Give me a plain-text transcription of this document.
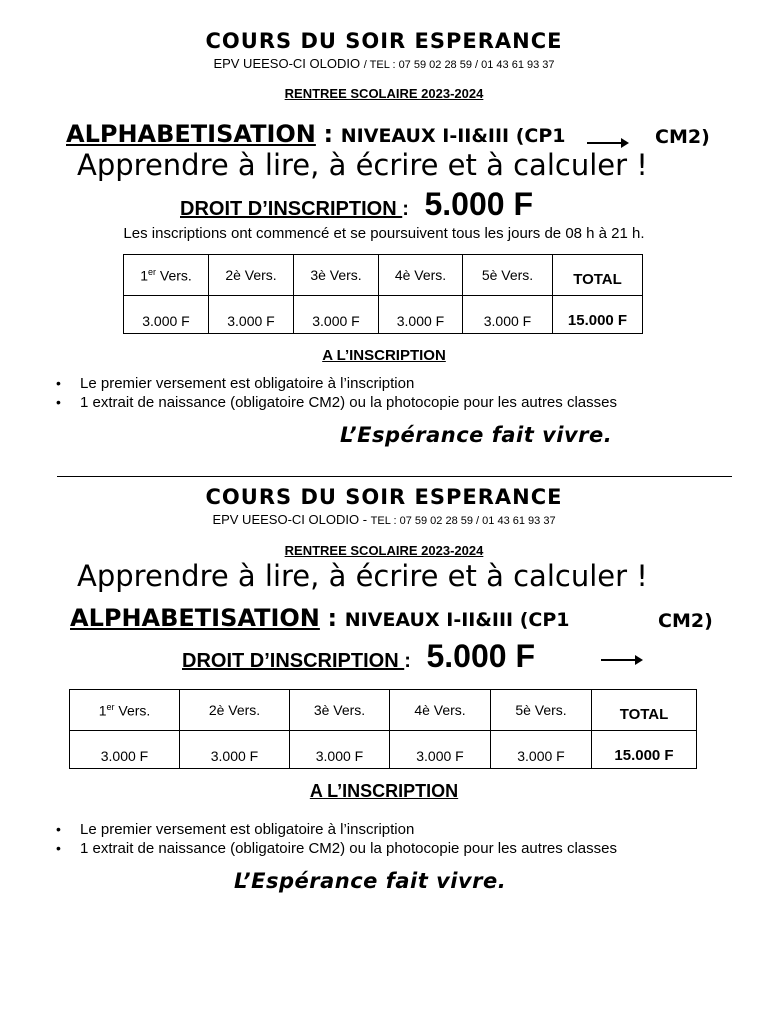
COURS DU SOIR ESPERANCE
EPV UEESO-CI OLODIO / TEL : 07 59 02 28 59 / 01 43 61 93 37
RENTREE SCOLAIRE 2023-2024
ALPHABETISATION : NIVEAUX I-II&III (CP1	CM2)
Apprendre à lire, à écrire et à calculer !
DROIT D’INSCRIPTION : 5.000 F
Les inscriptions ont commencé et se poursuivent tous les jours de 08 h à 21 h.
1er Vers.	2è Vers.	3è Vers.	4è Vers.	5è Vers.	TOTAL
3.000 F	3.000 F	3.000 F	3.000 F	3.000 F	15.000 F
A L’INSCRIPTION
• Le premier versement est obligatoire à l’inscription
• 1 extrait de naissance (obligatoire CM2) ou la photocopie pour les autres classes
L’Espérance fait vivre.
COURS DU SOIR ESPERANCE
EPV UEESO-CI OLODIO - TEL : 07 59 02 28 59 / 01 43 61 93 37
RENTREE SCOLAIRE 2023-2024
Apprendre à lire, à écrire et à calculer !
ALPHABETISATION : NIVEAUX I-II&III (CP1	CM2)
DROIT D’INSCRIPTION : 5.000 F
1er Vers.	2è Vers.	3è Vers.	4è Vers.	5è Vers.	TOTAL
3.000 F	3.000 F	3.000 F	3.000 F	3.000 F	15.000 F
A L’INSCRIPTION
• Le premier versement est obligatoire à l’inscription
• 1 extrait de naissance (obligatoire CM2) ou la photocopie pour les autres classes
L’Espérance fait vivre.
